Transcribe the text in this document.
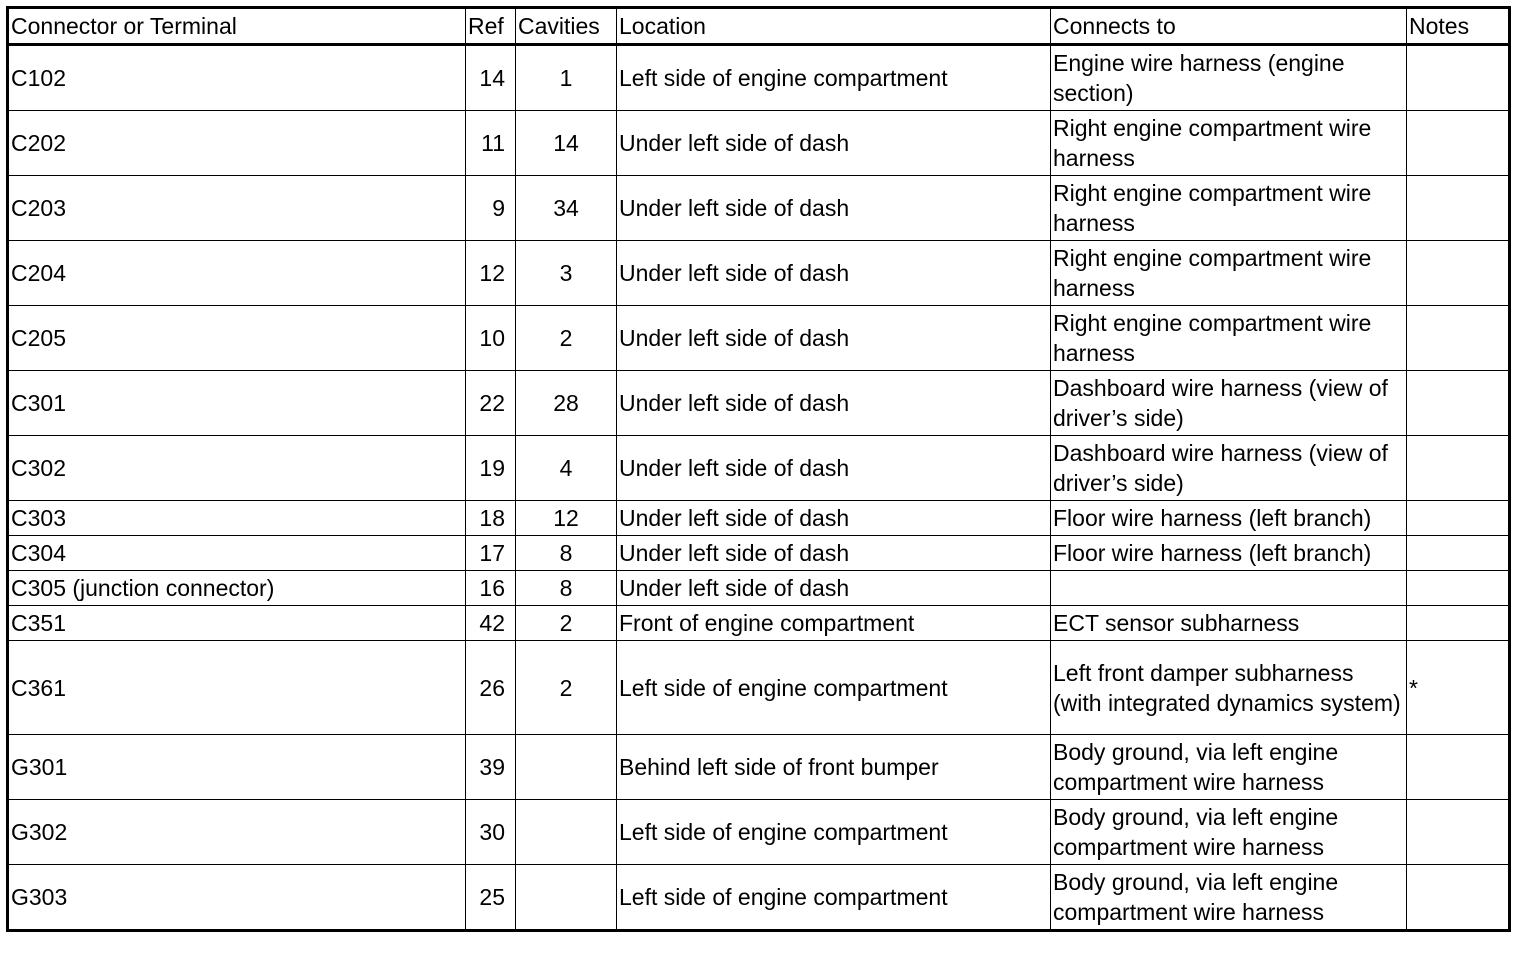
Connector or Terminal	Ref	Cavities	Location	Connects to	Notes
C102	14	1	Left side of engine compartment	Engine wire harness (engine section)	
C202	11	14	Under left side of dash	Right engine compartment wire harness	
C203	9	34	Under left side of dash	Right engine compartment wire harness	
C204	12	3	Under left side of dash	Right engine compartment wire harness	
C205	10	2	Under left side of dash	Right engine compartment wire harness	
C301	22	28	Under left side of dash	Dashboard wire harness (view of driver’s side)	
C302	19	4	Under left side of dash	Dashboard wire harness (view of driver’s side)	
C303	18	12	Under left side of dash	Floor wire harness (left branch)	
C304	17	8	Under left side of dash	Floor wire harness (left branch)	
C305 (junction connector)	16	8	Under left side of dash		
C351	42	2	Front of engine compartment	ECT sensor subharness	
C361	26	2	Left side of engine compartment	Left front damper subharness (with integrated dynamics system)	*
G301	39		Behind left side of front bumper	Body ground, via left engine compartment wire harness	
G302	30		Left side of engine compartment	Body ground, via left engine compartment wire harness	
G303	25		Left side of engine compartment	Body ground, via left engine compartment wire harness	
